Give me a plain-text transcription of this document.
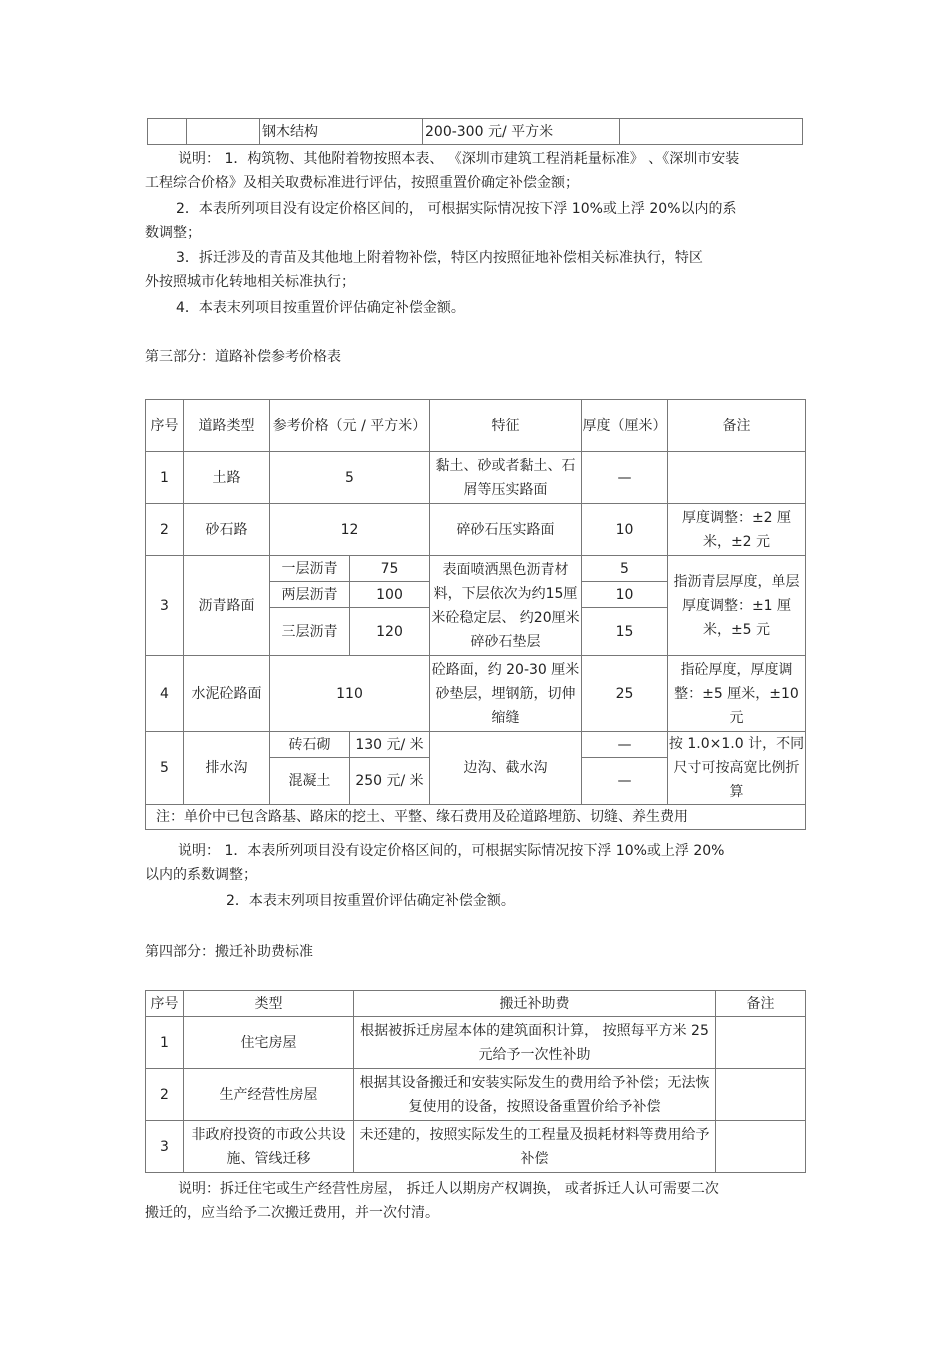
		钢木结构	200-300 元/ 平方米	
说明： 1．构筑物、其他附着物按照本表、 《深圳市建筑工程消耗量标准》 、《深圳市安装
工程综合价格》及相关取费标准进行评估，按照重置价确定补偿金额；
2．本表所列项目没有设定价格区间的， 可根据实际情况按下浮 10%或上浮 20%以内的系
数调整；
3．拆迁涉及的青苗及其他地上附着物补偿，特区内按照征地补偿相关标准执行，特区
外按照城市化转地相关标准执行；
4．本表末列项目按重置价评估确定补偿金额。
第三部分：道路补偿参考价格表
序号	道路类型	参考价格（元 / 平方米）		特征	厚度（厘米）	备注
1	土路	5		黏土、砂或者黏土、石屑等压实路面	—	
2	砂石路	12		碎砂石压实路面	10	厚度调整：±2 厘米，±2 元
3	沥青路面	一层沥青	75	表面喷洒黑色沥青材料，下层依次为约15厘米砼稳定层、 约20厘米碎砂石垫层	5	指沥青层厚度，单层厚度调整：±1 厘米，±5 元
		两层沥青	100		10	
		三层沥青	120		15	
4	水泥砼路面	110		砼路面，约 20-30 厘米砂垫层，埋钢筋，切伸缩缝	25	指砼厚度，厚度调整：±5 厘米，±10元
5	排水沟	砖石砌	130 元/ 米	边沟、截水沟	—	按 1.0×1.0 计，不同尺寸可按高宽比例折算
		混凝土	250 元/ 米		—	
注：单价中已包含路基、路床的挖土、平整、缘石费用及砼道路埋筋、切缝、养生费用						
说明： 1．本表所列项目没有设定价格区间的，可根据实际情况按下浮 10%或上浮 20%
以内的系数调整；
2．本表末列项目按重置价评估确定补偿金额。
第四部分：搬迁补助费标准
序号	类型	搬迁补助费	备注
1	住宅房屋	根据被拆迁房屋本体的建筑面积计算， 按照每平方米 25 元给予一次性补助	
2	生产经营性房屋	根据其设备搬迁和安装实际发生的费用给予补偿；无法恢复使用的设备，按照设备重置价给予补偿	
3	非政府投资的市政公共设施、管线迁移	未还建的，按照实际发生的工程量及损耗材料等费用给予补偿	
说明：拆迁住宅或生产经营性房屋， 拆迁人以期房产权调换， 或者拆迁人认可需要二次
搬迁的，应当给予二次搬迁费用，并一次付清。
